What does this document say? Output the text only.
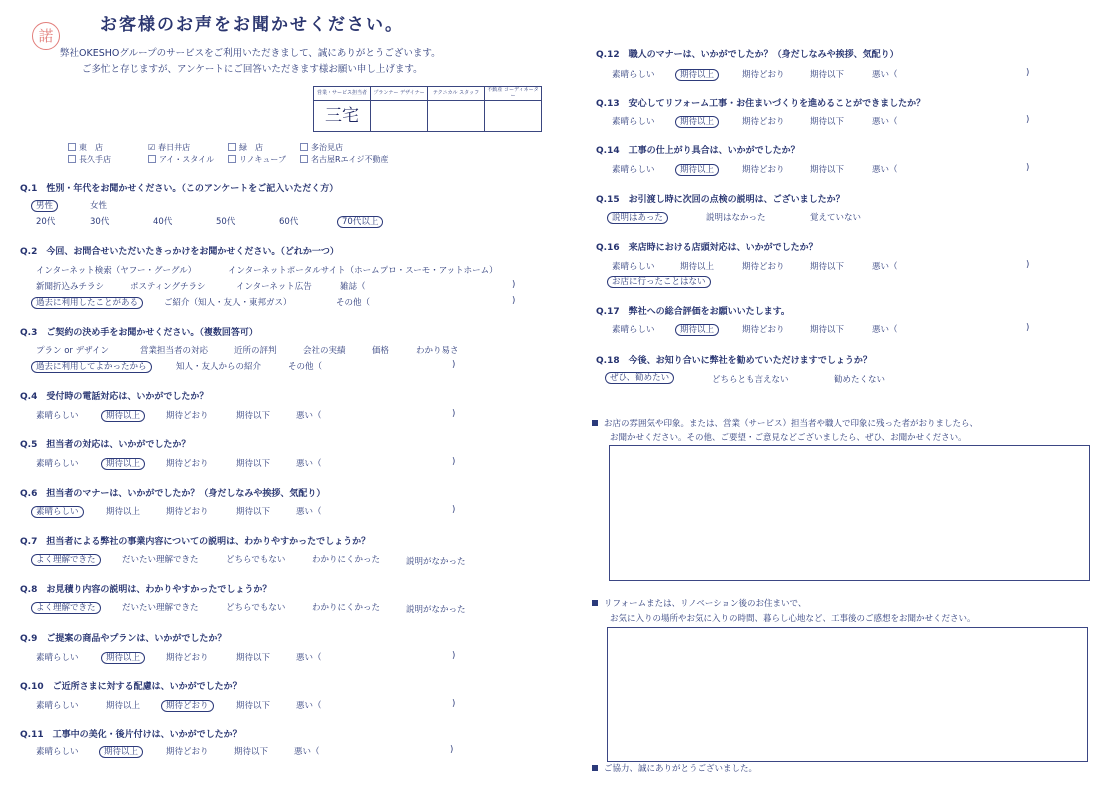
諾
お客様のお声をお聞かせください。
弊社OKESHOグループのサービスをご利用いただきまして、誠にありがとうございます。
ご多忙と存じますが、アンケートにご回答いただきます様お願い申し上げます。
営業・サービス担当者	プランナー デザイナー	テクニカル スタッフ	不動産 コーディネーター
三宅			
東　店	☑ 春日井店	緑　店	多治見店
長久手店	アイ・スタイル	リノキューブ	名古屋Rエイジ不動産
Q.1　性別・年代をお聞かせください。（このアンケートをご記入いただく方）
男性	女性
20代	30代	40代	50代	60代	70代以上
Q.2　今回、お問合せいただいたきっかけをお聞かせください。（どれか一つ）
インターネット検索（ヤフー・グーグル）	インターネットポータルサイト（ホームプロ・スーモ・アットホーム）
新聞折込みチラシ	ポスティングチラシ	インターネット広告	雑誌（	)
過去に利用したことがある	ご紹介（知人・友人・東邦ガス）	その他（	)
Q.3　ご契約の決め手をお聞かせください。（複数回答可）
プラン or デザイン	営業担当者の対応	近所の評判	会社の実績	価格	わかり易さ
過去に利用してよかったから	知人・友人からの紹介	その他（	)
Q.4　受付時の電話対応は、いかがでしたか？
素晴らしい	期待以上	期待どおり	期待以下	悪い（	)
Q.5　担当者の対応は、いかがでしたか？
素晴らしい	期待以上	期待どおり	期待以下	悪い（	)
Q.6　担当者のマナーは、いかがでしたか？（身だしなみや挨拶、気配り）
素晴らしい	期待以上	期待どおり	期待以下	悪い（	)
Q.7　担当者による弊社の事業内容についての説明は、わかりやすかったでしょうか？
よく理解できた	だいたい理解できた	どちらでもない	わかりにくかった	説明がなかった
Q.8　お見積り内容の説明は、わかりやすかったでしょうか？
よく理解できた	だいたい理解できた	どちらでもない	わかりにくかった	説明がなかった
Q.9　ご提案の商品やプランは、いかがでしたか？
素晴らしい	期待以上	期待どおり	期待以下	悪い（	)
Q.10　ご近所さまに対する配慮は、いかがでしたか？
素晴らしい	期待以上	期待どおり	期待以下	悪い（	)
Q.11　工事中の美化・後片付けは、いかがでしたか？
素晴らしい	期待以上	期待どおり	期待以下	悪い（	)
Q.12　職人のマナーは、いかがでしたか？（身だしなみや挨拶、気配り）
素晴らしい	期待以上	期待どおり	期待以下	悪い（	)
Q.13　安心してリフォーム工事・お住まいづくりを進めることができましたか？
素晴らしい	期待以上	期待どおり	期待以下	悪い（	)
Q.14　工事の仕上がり具合は、いかがでしたか？
素晴らしい	期待以上	期待どおり	期待以下	悪い（	)
Q.15　お引渡し時に次回の点検の説明は、ございましたか？
説明はあった	説明はなかった	覚えていない
Q.16　来店時における店頭対応は、いかがでしたか？
素晴らしい	期待以上	期待どおり	期待以下	悪い（	)
お店に行ったことはない
Q.17　弊社への総合評価をお願いいたします。
素晴らしい	期待以上	期待どおり	期待以下	悪い（	)
Q.18　今後、お知り合いに弊社を勧めていただけますでしょうか？
ぜひ、勧めたい	どちらとも言えない	勧めたくない
お店の雰囲気や印象。または、営業（サービス）担当者や職人で印象に残った者がおりましたら、
お聞かせください。その他、ご要望・ご意見などございましたら、ぜひ、お聞かせください。
リフォームまたは、リノベーション後のお住まいで、
お気に入りの場所やお気に入りの時間、暮らし心地など、工事後のご感想をお聞かせください。
ご協力、誠にありがとうございました。
